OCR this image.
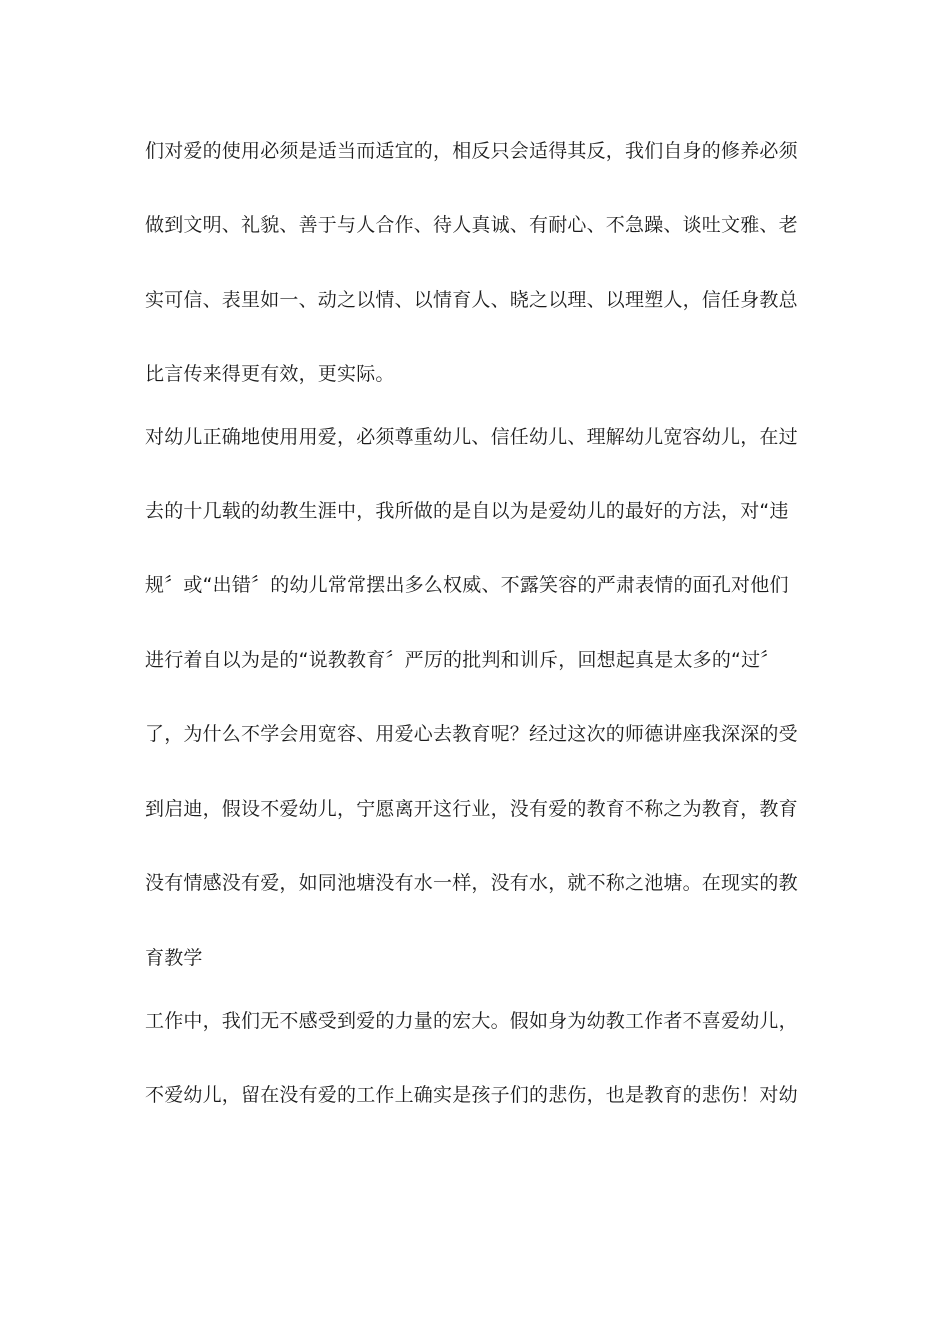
们对爱的使用必须是适当而适宜的，相反只会适得其反，我们自身的修养必须
做到文明、礼貌、善于与人合作、待人真诚、有耐心、不急躁、谈吐文雅、老
实可信、表里如一、动之以情、以情育人、晓之以理、以理塑人，信任身教总
比言传来得更有效，更实际。
对幼儿正确地使用用爱，必须尊重幼儿、信任幼儿、理解幼儿宽容幼儿，在过
去的十几载的幼教生涯中，我所做的是自以为是爱幼儿的最好的方法，对“违
规〞或“出错〞的幼儿常常摆出多么权威、不露笑容的严肃表情的面孔对他们
进行着自以为是的“说教教育〞严厉的批判和训斥，回想起真是太多的“过〞
了，为什么不学会用宽容、用爱心去教育呢？经过这次的师德讲座我深深的受
到启迪，假设不爱幼儿，宁愿离开这行业，没有爱的教育不称之为教育，教育
没有情感没有爱，如同池塘没有水一样，没有水，就不称之池塘。在现实的教
育教学
工作中，我们无不感受到爱的力量的宏大。假如身为幼教工作者不喜爱幼儿，
不爱幼儿，留在没有爱的工作上确实是孩子们的悲伤，也是教育的悲伤！对幼
